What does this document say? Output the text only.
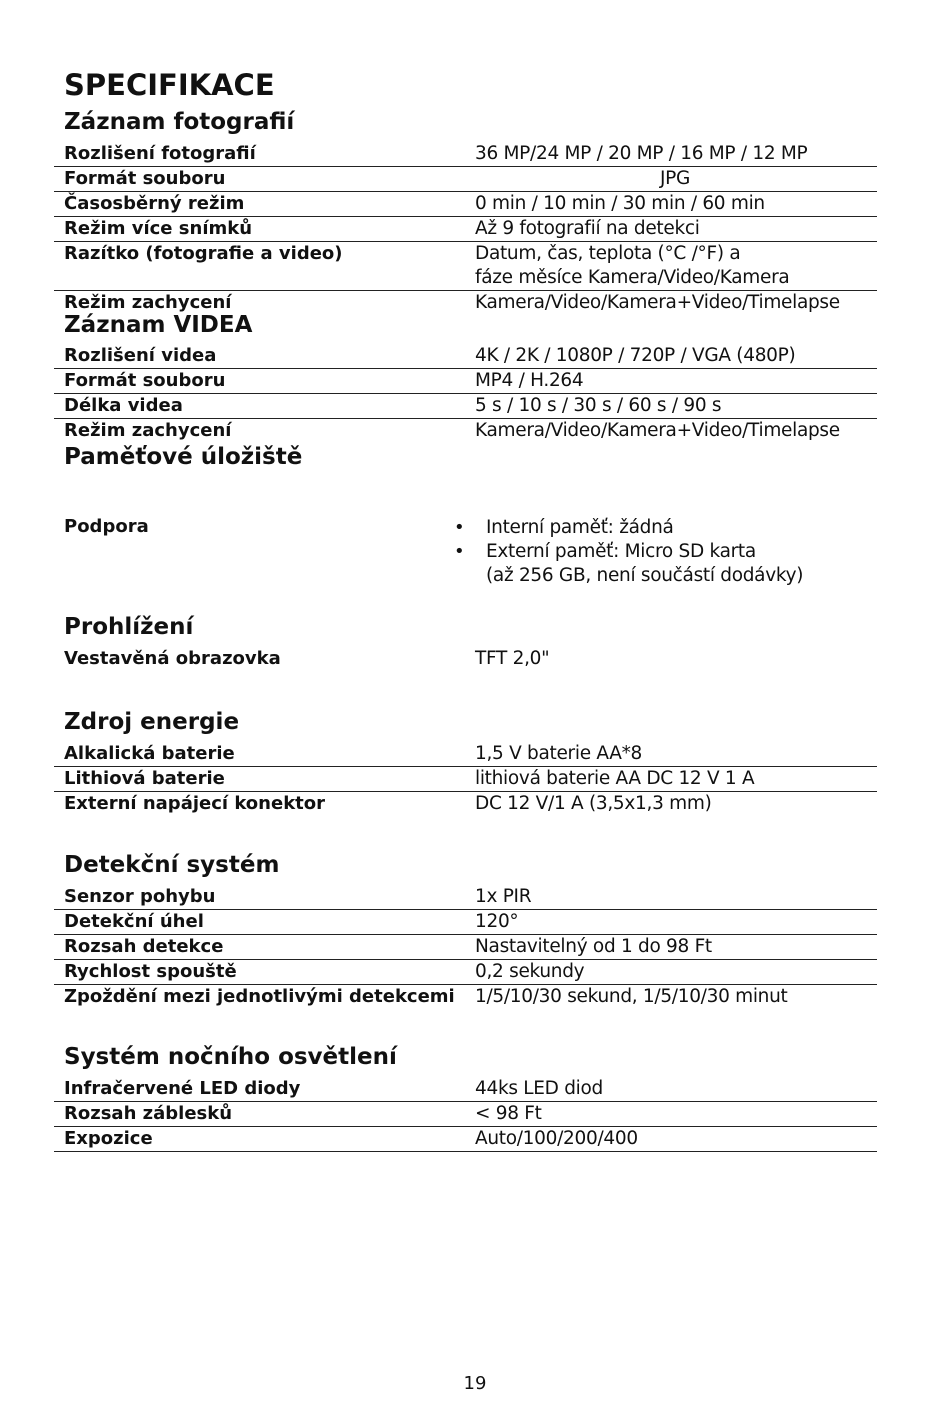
SPECIFIKACE
Záznam fotografií
Rozlišení fotografií	36 MP/24 MP / 20 MP / 16 MP / 12 MP
Formát souboru	JPG
Časosběrný režim	0 min / 10 min / 30 min / 60 min
Režim více snímků	Až 9 fotografií na detekci
Razítko (fotografie a video)	Datum, čas, teplota (°C /°F) a
fáze měsíce Kamera/Video/Kamera
Režim zachycení	Kamera/Video/Kamera+Video/Timelapse
Záznam VIDEA
Rozlišení videa	4K / 2K / 1080P / 720P / VGA (480P)
Formát souboru	MP4 / H.264
Délka videa	5 s / 10 s / 30 s / 60 s / 90 s
Režim zachycení	Kamera/Video/Kamera+Video/Timelapse
Paměťové úložiště
Podpora	• Interní paměť: žádná
• Externí paměť: Micro SD karta
(až 256 GB, není součástí dodávky)
Prohlížení
Vestavěná obrazovka	TFT 2,0"
Zdroj energie
Alkalická baterie	1,5 V baterie AA*8
Lithiová baterie	lithiová baterie AA DC 12 V 1 A
Externí napájecí konektor	DC 12 V/1 A (3,5x1,3 mm)
Detekční systém
Senzor pohybu	1x PIR
Detekční úhel	120°
Rozsah detekce	Nastavitelný od 1 do 98 Ft
Rychlost spouště	0,2 sekundy
Zpoždění mezi jednotlivými detekcemi 1/5/10/30 sekund, 1/5/10/30 minut
Systém nočního osvětlení
Infračervené LED diody	44ks LED diod
Rozsah záblesků	< 98 Ft
Expozice	Auto/100/200/400
19
